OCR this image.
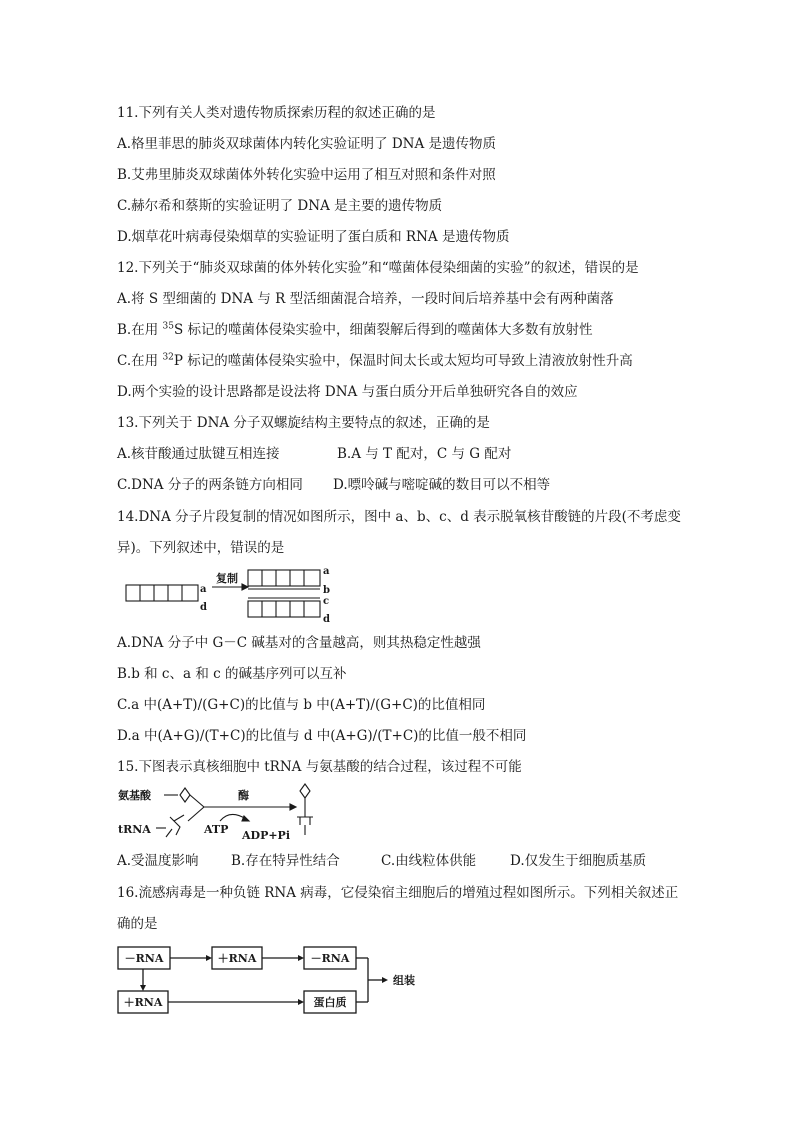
11.下列有关人类对遗传物质探索历程的叙述正确的是
A.格里菲思的肺炎双球菌体内转化实验证明了 DNA 是遗传物质
B.艾弗里肺炎双球菌体外转化实验中运用了相互对照和条件对照
C.赫尔希和蔡斯的实验证明了 DNA 是主要的遗传物质
D.烟草花叶病毒侵染烟草的实验证明了蛋白质和 RNA 是遗传物质
12.下列关于“肺炎双球菌的体外转化实验”和“噬菌体侵染细菌的实验”的叙述，错误的是
A.将 S 型细菌的 DNA 与 R 型活细菌混合培养，一段时间后培养基中会有两种菌落
B.在用 $^{35}$S 标记的噬菌体侵染实验中，细菌裂解后得到的噬菌体大多数有放射性
C.在用 $^{32}$P 标记的噬菌体侵染实验中，保温时间太长或太短均可导致上清液放射性升高
D.两个实验的设计思路都是设法将 DNA 与蛋白质分开后单独研究各自的效应
13.下列关于 DNA 分子双螺旋结构主要特点的叙述，正确的是
A.核苷酸通过肽键互相连接	B.A 与 T 配对，C 与 G 配对
C.DNA 分子的两条链方向相同 D.嘌呤碱与嘧啶碱的数目可以不相等
14.DNA 分子片段复制的情况如图所示，图中 a、b、c、d 表示脱氧核苷酸链的片段(不考虑变
异)。下列叙述中，错误的是
a
d
复制
a
b
c
d
A.DNA 分子中 G－C 碱基对的含量越高，则其热稳定性越强
B.b 和 c、a 和 c 的碱基序列可以互补
C.a 中(A+T)/(G+C)的比值与 b 中(A+T)/(G+C)的比值相同
D.a 中(A+G)/(T+C)的比值与 d 中(A+G)/(T+C)的比值一般不相同
15.下图表示真核细胞中 tRNA 与氨基酸的结合过程，该过程不可能
氨基酸
tRNA
酶
ATP ADP+Pi
A.受温度影响 B.存在特异性结合	C.由线粒体供能	D.仅发生于细胞质基质
16.流感病毒是一种负链 RNA 病毒，它侵染宿主细胞后的增殖过程如图所示。下列相关叙述正
确的是
－RNA	＋RNA	－RNA
＋RNA	蛋白质
组装
